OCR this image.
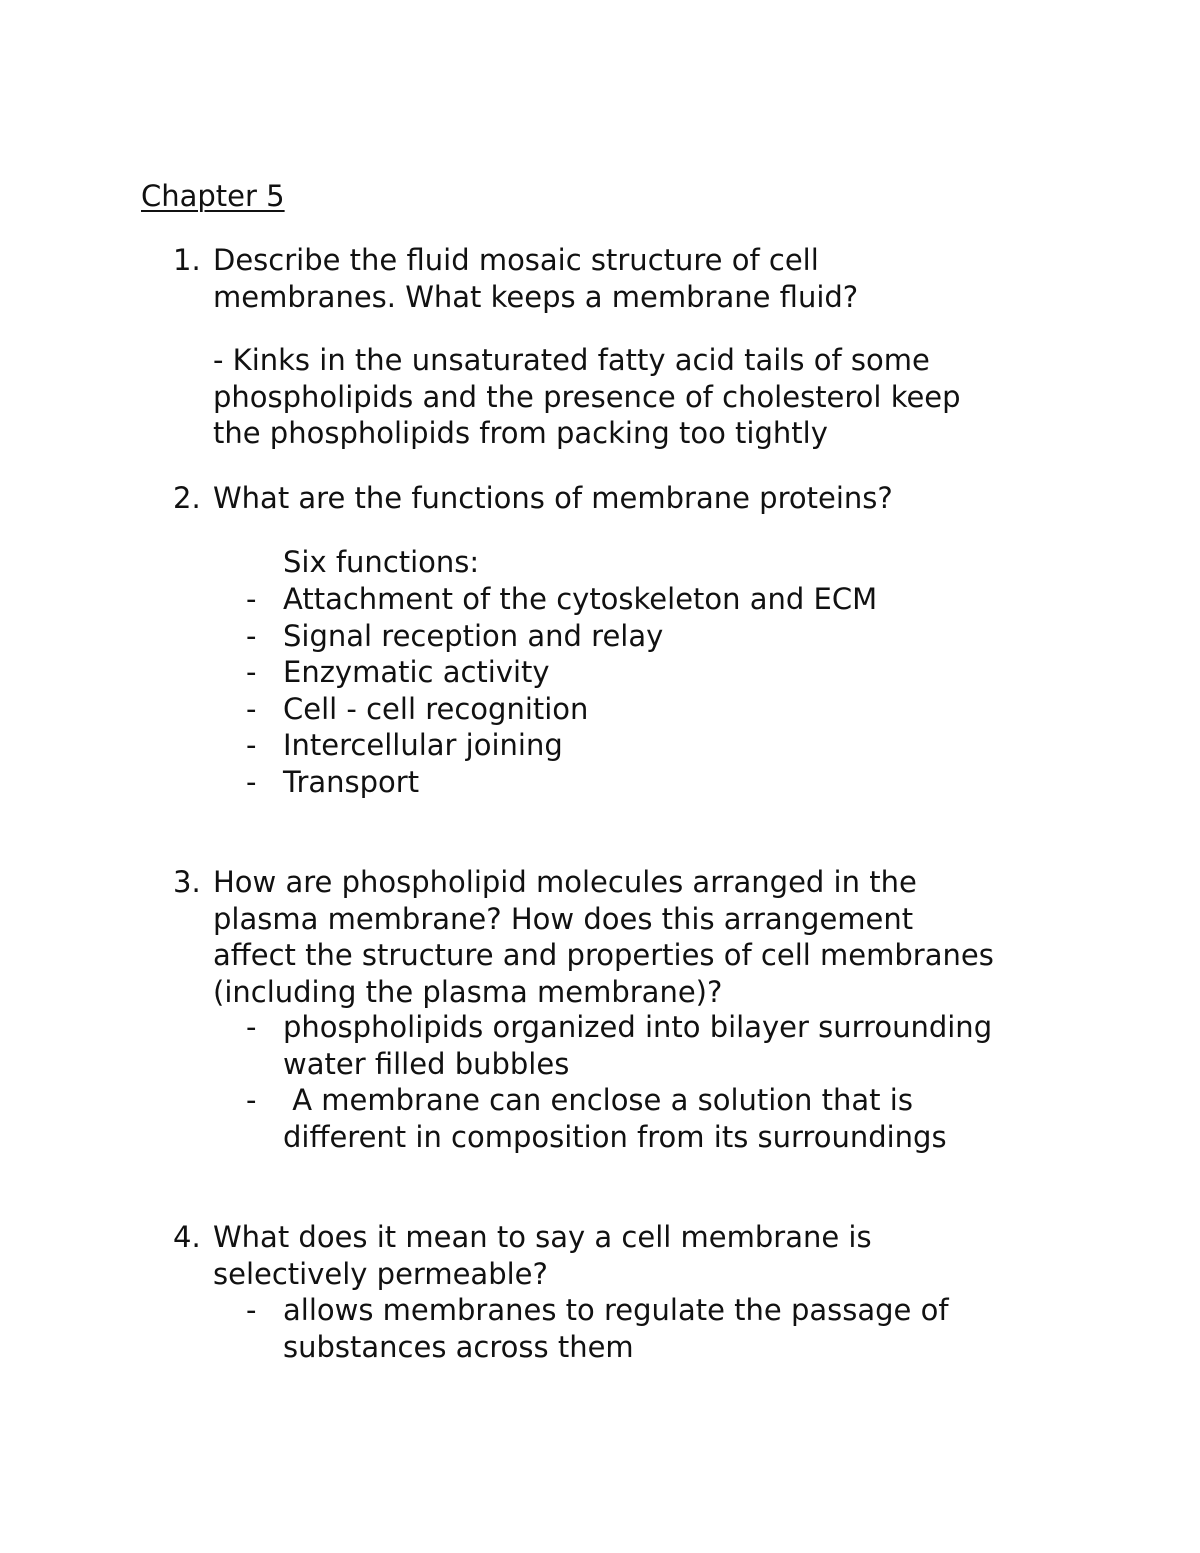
Chapter 5
1. Describe the fluid mosaic structure of cell
membranes. What keeps a membrane fluid?
- Kinks in the unsaturated fatty acid tails of some
phospholipids and the presence of cholesterol keep
the phospholipids from packing too tightly
2. What are the functions of membrane proteins?
Six functions:
- Attachment of the cytoskeleton and ECM
- Signal reception and relay
- Enzymatic activity
- Cell - cell recognition
- Intercellular joining
- Transport
3. How are phospholipid molecules arranged in the
plasma membrane? How does this arrangement
affect the structure and properties of cell membranes
(including the plasma membrane)?
- phospholipids organized into bilayer surrounding
water filled bubbles
- A membrane can enclose a solution that is
different in composition from its surroundings
4. What does it mean to say a cell membrane is
selectively permeable?
- allows membranes to regulate the passage of
substances across them
